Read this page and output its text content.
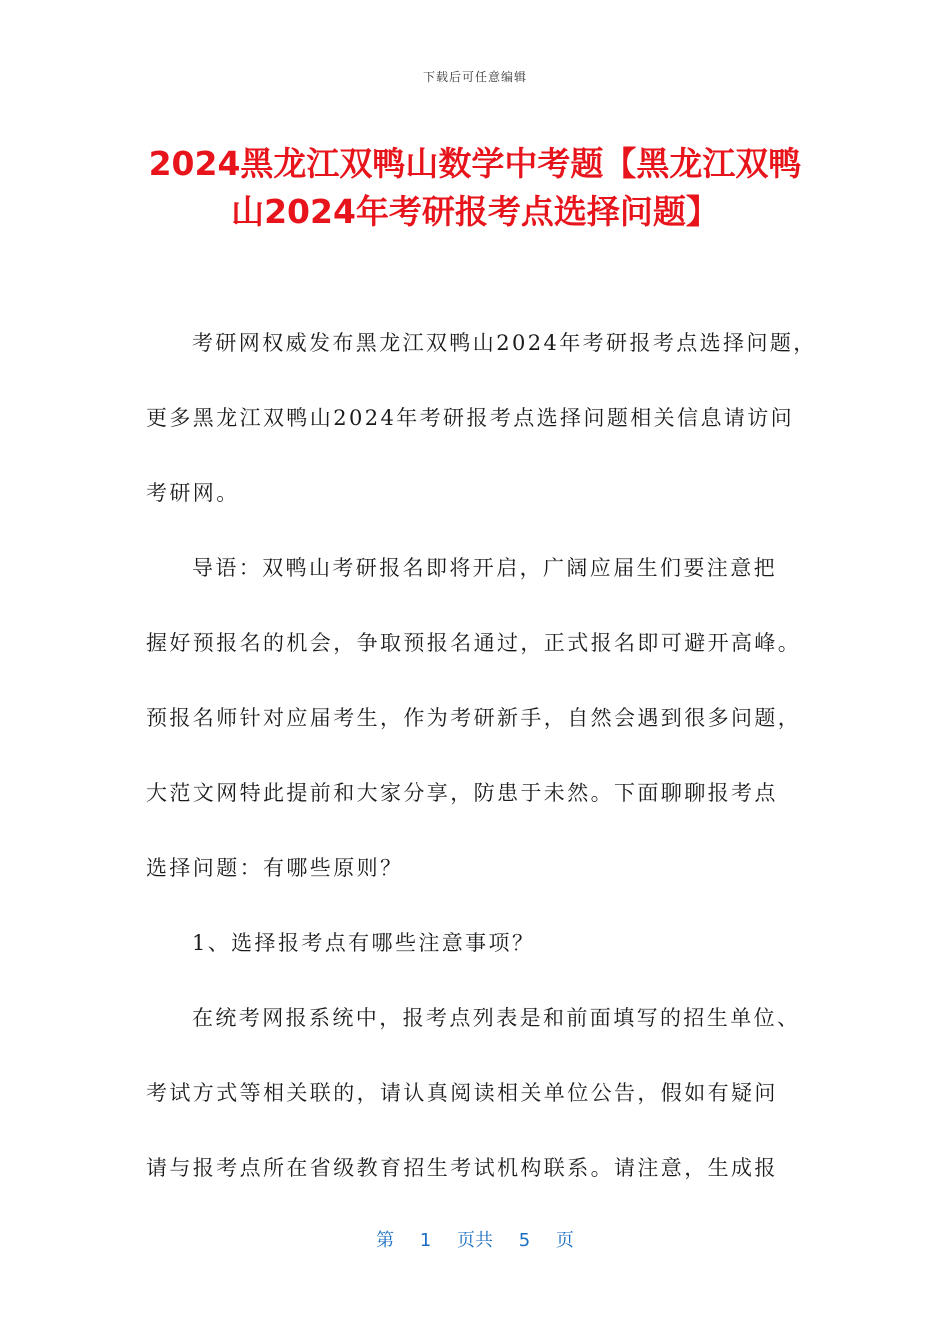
下载后可任意编辑
2024黑龙江双鸭山数学中考题【黑龙江双鸭
山2024年考研报考点选择问题】
考研网权威发布黑龙江双鸭山2024年考研报考点选择问题，
更多黑龙江双鸭山2024年考研报考点选择问题相关信息请访问
考研网。
导语：双鸭山考研报名即将开启，广阔应届生们要注意把
握好预报名的机会，争取预报名通过，正式报名即可避开高峰。
预报名师针对应届考生，作为考研新手，自然会遇到很多问题，
大范文网特此提前和大家分享，防患于未然。下面聊聊报考点
选择问题：有哪些原则？
1、选择报考点有哪些注意事项？
在统考网报系统中，报考点列表是和前面填写的招生单位、
考试方式等相关联的，请认真阅读相关单位公告，假如有疑问
请与报考点所在省级教育招生考试机构联系。请注意，生成报
第 1 页共 5 页
